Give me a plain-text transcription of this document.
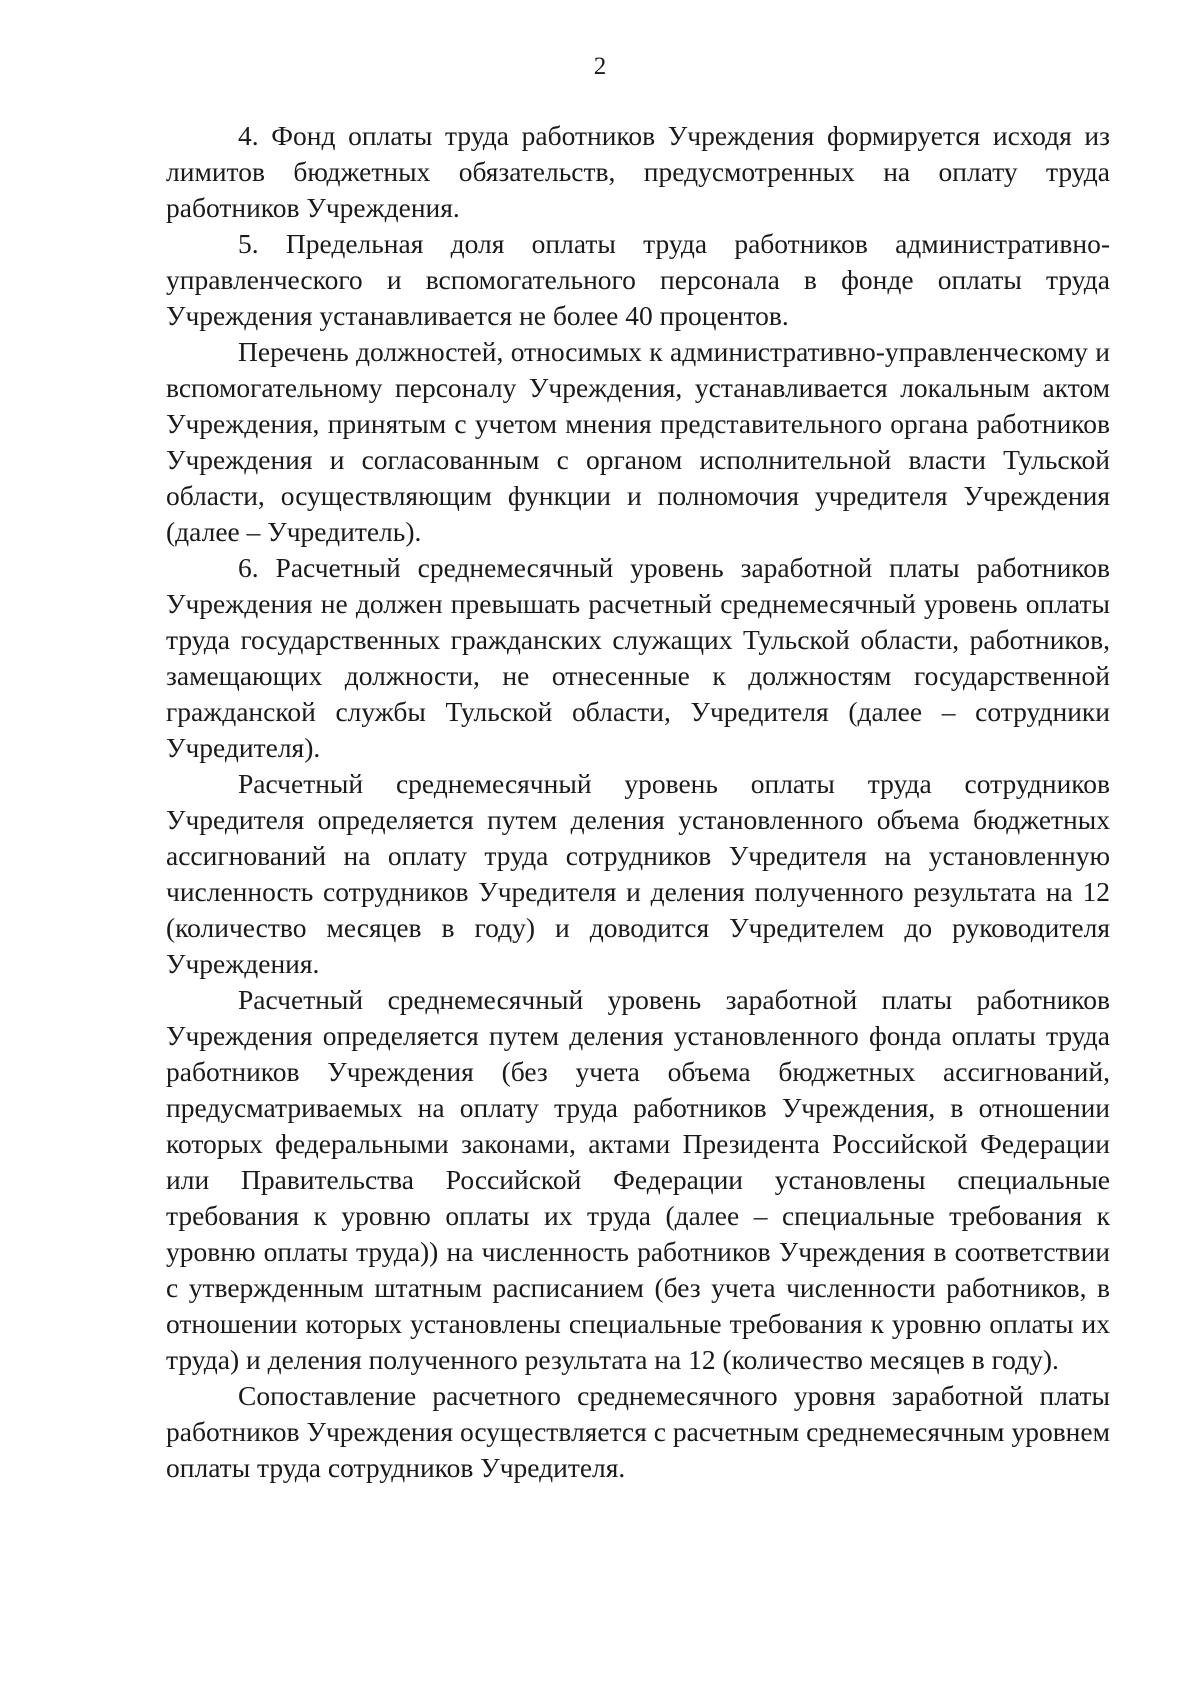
2

4. Фонд оплаты труда работников Учреждения формируется исходя из лимитов бюджетных обязательств, предусмотренных на оплату труда работников Учреждения.

5. Предельная доля оплаты труда работников административно-управленческого и вспомогательного персонала в фонде оплаты труда Учреждения устанавливается не более 40 процентов.

Перечень должностей, относимых к административно-управленческому и вспомогательному персоналу Учреждения, устанавливается локальным актом Учреждения, принятым с учетом мнения представительного органа работников Учреждения и согласованным с органом исполнительной власти Тульской области, осуществляющим функции и полномочия учредителя Учреждения (далее – Учредитель).

6. Расчетный среднемесячный уровень заработной платы работников Учреждения не должен превышать расчетный среднемесячный уровень оплаты труда государственных гражданских служащих Тульской области, работников, замещающих должности, не отнесенные к должностям государственной гражданской службы Тульской области, Учредителя (далее – сотрудники Учредителя).

Расчетный среднемесячный уровень оплаты труда сотрудников Учредителя определяется путем деления установленного объема бюджетных ассигнований на оплату труда сотрудников Учредителя на установленную численность сотрудников Учредителя и деления полученного результата на 12 (количество месяцев в году) и доводится Учредителем до руководителя Учреждения.

Расчетный среднемесячный уровень заработной платы работников Учреждения определяется путем деления установленного фонда оплаты труда работников Учреждения (без учета объема бюджетных ассигнований, предусматриваемых на оплату труда работников Учреждения, в отношении которых федеральными законами, актами Президента Российской Федерации или Правительства Российской Федерации установлены специальные требования к уровню оплаты их труда (далее – специальные требования к уровню оплаты труда)) на численность работников Учреждения в соответствии с утвержденным штатным расписанием (без учета численности работников, в отношении которых установлены специальные требования к уровню оплаты их труда) и деления полученного результата на 12 (количество месяцев в году).

Сопоставление расчетного среднемесячного уровня заработной платы работников Учреждения осуществляется с расчетным среднемесячным уровнем оплаты труда сотрудников Учредителя.
